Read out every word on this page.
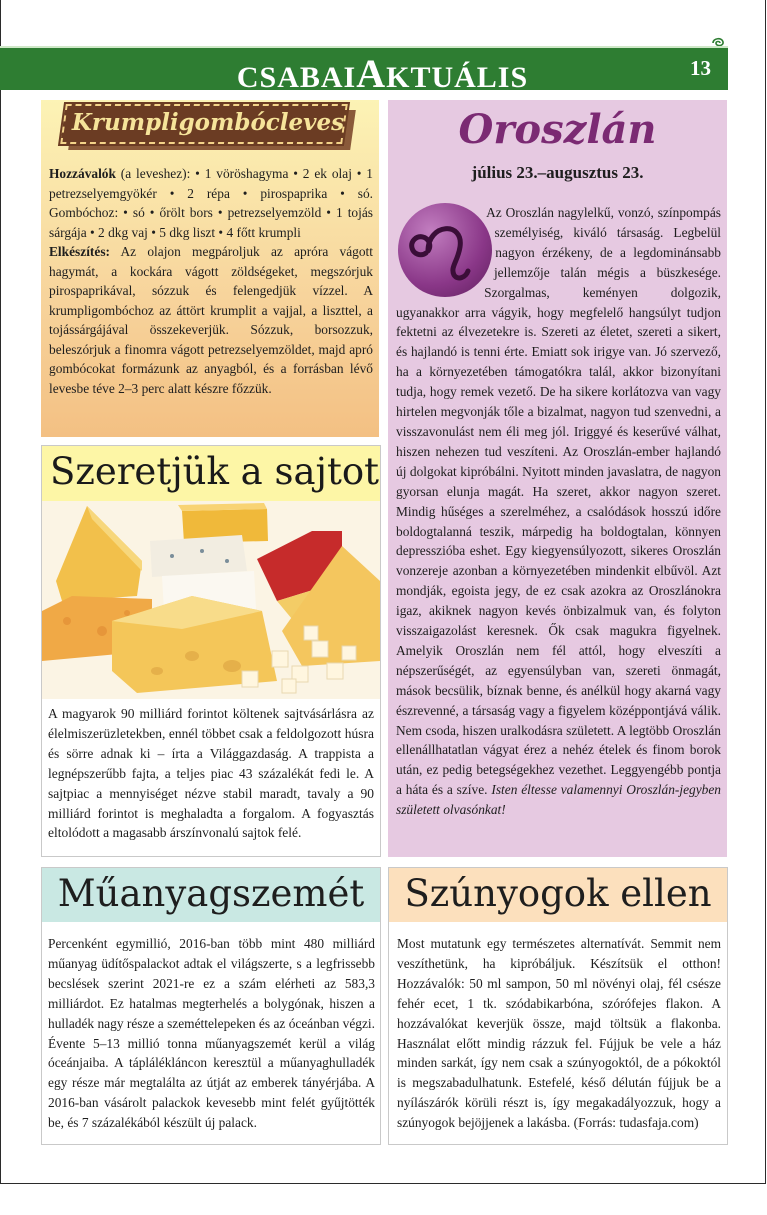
CSABAIAKTUÁLIS	13
Krumpligombócleves
Hozzávalók (a leveshez): • 1 vöröshagyma • 2 ek olaj • 1 petrezselyemgyökér • 2 répa • pirospaprika • só. Gombóchoz: • só • őrölt bors • petrezselyemzöld • 1 tojás sárgája • 2 dkg vaj • 5 dkg liszt • 4 főtt krumpli
Elkészítés: Az olajon megpároljuk az apróra vágott hagymát, a kockára vágott zöldségeket, megszórjuk pirospaprikával, sózzuk és felengedjük vízzel. A krumpligombóchoz az áttört krumplit a vajjal, a liszttel, a tojássárgájával összekeverjük. Sózzuk, borsozzuk, beleszórjuk a finomra vágott petrezselyemzöldet, majd apró gombócokat formázunk az anyagból, és a forrásban lévő levesbe téve 2–3 perc alatt készre főzzük.
Szeretjük a sajtot
A magyarok 90 milliárd forintot költenek sajtvásárlásra az élelmiszerüzletekben, ennél többet csak a feldolgozott húsra és sörre adnak ki – írta a Világgazdaság. A trappista a legnépszerűbb fajta, a teljes piac 43 százalékát fedi le. A sajtpiac a mennyiséget nézve stabil maradt, tavaly a 90 milliárd forintot is meghaladta a forgalom. A fogyasztás eltolódott a magasabb árszínvonalú sajtok felé.
Oroszlán
július 23.–augusztus 23.
Az Oroszlán nagylelkű, vonzó, színpompás személyiség, kiváló társaság. Legbelül nagyon érzékeny, de a legdominánsabb jellemzője talán mégis a büszkesége. Szorgalmas, keményen dolgozik, ugyanakkor arra vágyik, hogy megfelelő hangsúlyt tudjon fektetni az élvezetekre is. Szereti az életet, szereti a sikert, és hajlandó is tenni érte. Emiatt sok irigye van. Jó szervező, ha a környezetében támogatókra talál, akkor bizonyítani tudja, hogy remek vezető. De ha sikere korlátozva van vagy hirtelen megvonják tőle a bizalmat, nagyon tud szenvedni, a visszavonulást nem éli meg jól. Iriggyé és keserűvé válhat, hiszen nehezen tud veszíteni. Az Oroszlán-ember hajlandó új dolgokat kipróbálni. Nyitott minden javaslatra, de nagyon gyorsan elunja magát. Ha szeret, akkor nagyon szeret. Mindig hűséges a szerelméhez, a csalódások hosszú időre boldogtalanná teszik, márpedig ha boldogtalan, könnyen depresszióba eshet. Egy kiegyensúlyozott, sikeres Oroszlán vonzereje azonban a környezetében mindenkit elbűvöl. Azt mondják, egoista jegy, de ez csak azokra az Oroszlánokra igaz, akiknek nagyon kevés önbizalmuk van, és folyton visszaigazolást keresnek. Ők csak magukra figyelnek. Amelyik Oroszlán nem fél attól, hogy elveszíti a népszerűségét, az egyensúlyban van, szereti önmagát, mások becsülik, bíznak benne, és anélkül hogy akarná vagy észrevenné, a társaság vagy a figyelem középpontjává válik. Nem csoda, hiszen uralkodásra született. A legtöbb Oroszlán ellenállhatatlan vágyat érez a nehéz ételek és finom borok után, ez pedig betegségekhez vezethet. Leggyengébb pontja a háta és a szíve. Isten éltesse valamennyi Oroszlán-jegyben született olvasónkat!
Műanyagszemét
Percenként egymillió, 2016-ban több mint 480 milliárd műanyag üdítőspalackot adtak el világszerte, s a legfrissebb becslések szerint 2021-re ez a szám elérheti az 583,3 milliárdot. Ez hatalmas megterhelés a bolygónak, hiszen a hulladék nagy része a szeméttelepeken és az óceánban végzi. Évente 5–13 millió tonna műanyagszemét kerül a világ óceánjaiba. A táplálékláncon keresztül a műanyaghulladék egy része már megtalálta az útját az emberek tányérjába. A 2016-ban vásárolt palackok kevesebb mint felét gyűjtötték be, és 7 százalékából készült új palack.
Szúnyogok ellen
Most mutatunk egy természetes alternatívát. Semmit nem veszíthetünk, ha kipróbáljuk. Készítsük el otthon! Hozzávalók: 50 ml sampon, 50 ml növényi olaj, fél csésze fehér ecet, 1 tk. szódabikarbóna, szórófejes flakon. A hozzávalókat keverjük össze, majd töltsük a flakonba. Használat előtt mindig rázzuk fel. Fújjuk be vele a ház minden sarkát, így nem csak a szúnyogoktól, de a pókoktól is megszabadulhatunk. Estefelé, késő délután fújjuk be a nyílászárók körüli részt is, így megakadályozzuk, hogy a szúnyogok bejöjjenek a lakásba. (Forrás: tudasfaja.com)
